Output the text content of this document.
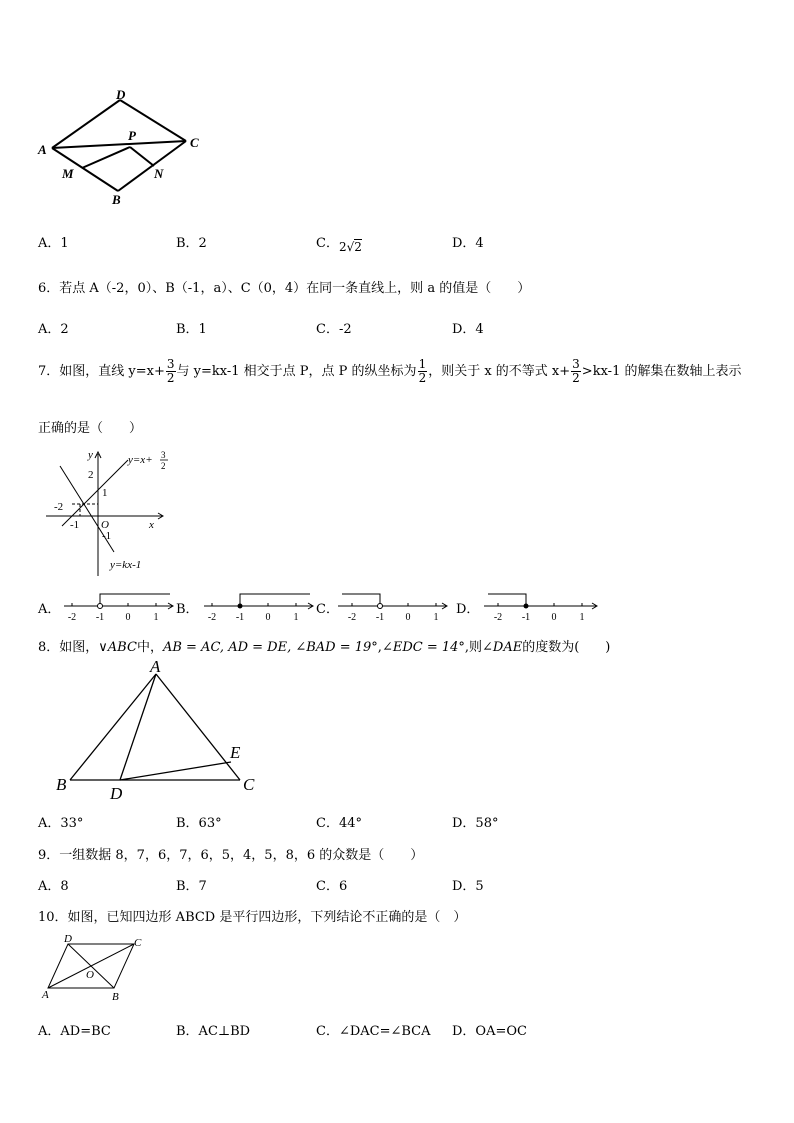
D
A
P	C
M	N
B
A．1	B．2	C．2√2	D．4
6．若点 A（-2，0）、B（-1，a）、C（0，4）在同一条直线上，则 a 的值是（　　）
A．2	B．1	C．-2	D．4
7．如图，直线 $y=x+ \frac{3}{2}$ 与 y=kx-1 相交于点 P，点 P 的纵坐标为 $\frac{1}{2}$ ，则关于 x 的不等式 $x+ \frac{3}{2} >kx-1$ 的解集在数轴上表示
正确的是（　　）
y
x
O
y=x+ 3
2
y=kx-1
2
1
-1
-2
-1
A．
-2 -1 0 1
B．
-2 -1 0 1
C．
-2 -1 0 1
D．
-2 -1 0 1
8．如图，∨ABC中，AB = AC, AD = DE, ∠BAD = 19°,∠EDC = 14°,则∠DAE的度数为(　　)
A
B	C
D
E
A．33°	B．63°	C．44°	D．58°
9．一组数据 8，7，6，7，6，5，4，5，8，6 的众数是（　　）
A．8	B．7	C．6	D．5
10．如图，已知四边形 ABCD 是平行四边形，下列结论不正确的是（　）
D	C
A	B
O
A．AD=BC	B．AC⊥BD	C．∠DAC=∠BCA D．OA=OC
